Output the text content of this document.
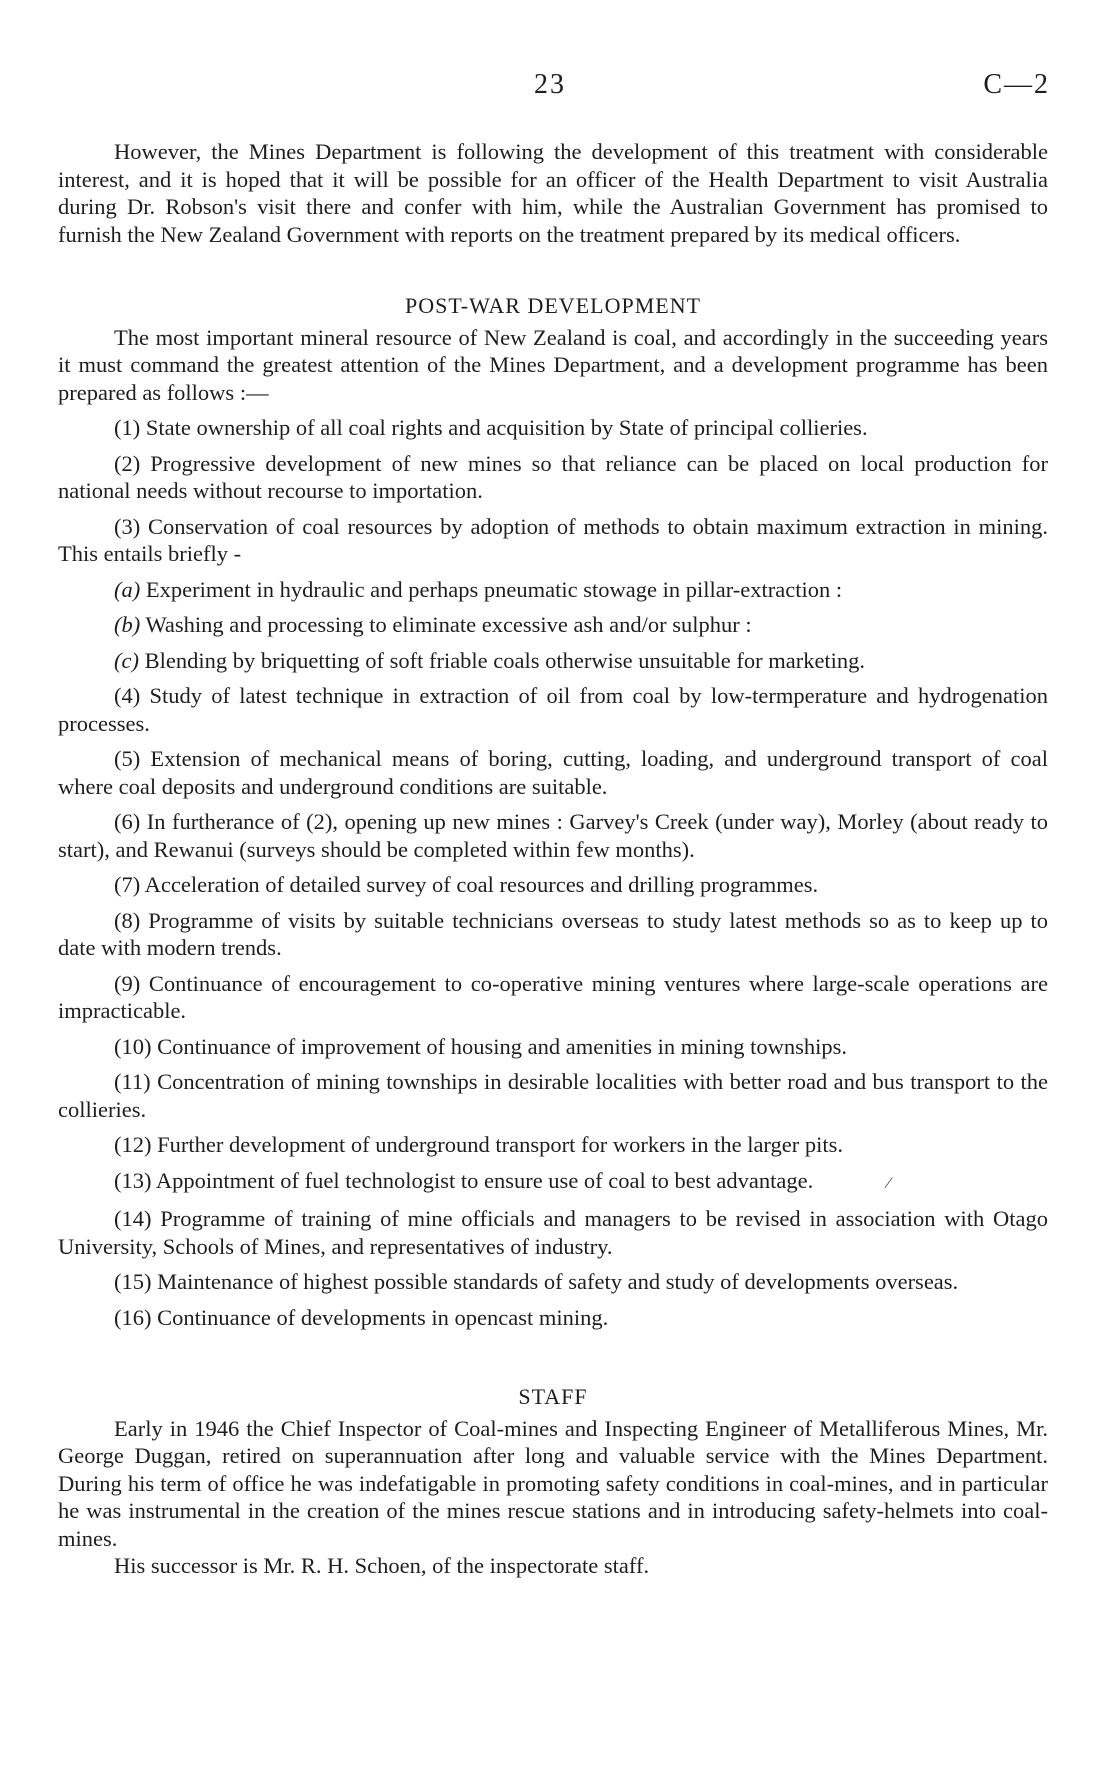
23	C—2

However, the Mines Department is following the development of this treatment with considerable interest, and it is hoped that it will be possible for an officer of the Health Department to visit Australia during Dr. Robson's visit there and confer with him, while the Australian Government has promised to furnish the New Zealand Government with reports on the treatment prepared by its medical officers.

POST-WAR DEVELOPMENT

The most important mineral resource of New Zealand is coal, and accordingly in the succeeding years it must command the greatest attention of the Mines Department, and a development programme has been prepared as follows :—

(1) State ownership of all coal rights and acquisition by State of principal collieries.

(2) Progressive development of new mines so that reliance can be placed on local production for national needs without recourse to importation.

(3) Conservation of coal resources by adoption of methods to obtain maximum extraction in mining. This entails briefly -

(a) Experiment in hydraulic and perhaps pneumatic stowage in pillar-extraction :

(b) Washing and processing to eliminate excessive ash and/or sulphur :

(c) Blending by briquetting of soft friable coals otherwise unsuitable for marketing.

(4) Study of latest technique in extraction of oil from coal by low-termperature and hydrogenation processes.

(5) Extension of mechanical means of boring, cutting, loading, and underground transport of coal where coal deposits and underground conditions are suitable.

(6) In furtherance of (2), opening up new mines : Garvey's Creek (under way), Morley (about ready to start), and Rewanui (surveys should be completed within few months).

(7) Acceleration of detailed survey of coal resources and drilling programmes.

(8) Programme of visits by suitable technicians overseas to study latest methods so as to keep up to date with modern trends.

(9) Continuance of encouragement to co-operative mining ventures where large-scale operations are impracticable.

(10) Continuance of improvement of housing and amenities in mining townships.

(11) Concentration of mining townships in desirable localities with better road and bus transport to the collieries.

(12) Further development of underground transport for workers in the larger pits.

(13) Appointment of fuel technologist to ensure use of coal to best advantage.	⁄

(14) Programme of training of mine officials and managers to be revised in association with Otago University, Schools of Mines, and representatives of industry.

(15) Maintenance of highest possible standards of safety and study of developments overseas.

(16) Continuance of developments in opencast mining.

STAFF

Early in 1946 the Chief Inspector of Coal-mines and Inspecting Engineer of Metalliferous Mines, Mr. George Duggan, retired on superannuation after long and valuable service with the Mines Department. During his term of office he was indefatigable in promoting safety conditions in coal-mines, and in particular he was instrumental in the creation of the mines rescue stations and in introducing safety-helmets into coal-mines.

His successor is Mr. R. H. Schoen, of the inspectorate staff.
